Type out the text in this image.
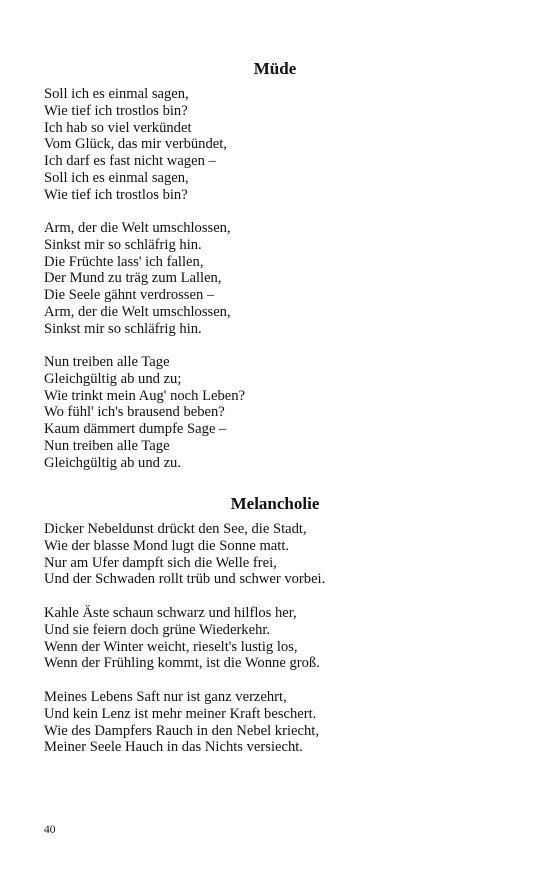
Müde
Soll ich es einmal sagen,
Wie tief ich trostlos bin?
Ich hab so viel verkündet
Vom Glück, das mir verbündet,
Ich darf es fast nicht wagen –
Soll ich es einmal sagen,
Wie tief ich trostlos bin?
Arm, der die Welt umschlossen,
Sinkst mir so schläfrig hin.
Die Früchte lass' ich fallen,
Der Mund zu träg zum Lallen,
Die Seele gähnt verdrossen –
Arm, der die Welt umschlossen,
Sinkst mir so schläfrig hin.
Nun treiben alle Tage
Gleichgültig ab und zu;
Wie trinkt mein Aug' noch Leben?
Wo fühl' ich's brausend beben?
Kaum dämmert dumpfe Sage –
Nun treiben alle Tage
Gleichgültig ab und zu.
Melancholie
Dicker Nebeldunst drückt den See, die Stadt,
Wie der blasse Mond lugt die Sonne matt.
Nur am Ufer dampft sich die Welle frei,
Und der Schwaden rollt trüb und schwer vorbei.
Kahle Äste schaun schwarz und hilflos her,
Und sie feiern doch grüne Wiederkehr.
Wenn der Winter weicht, rieselt's lustig los,
Wenn der Frühling kommt, ist die Wonne groß.
Meines Lebens Saft nur ist ganz verzehrt,
Und kein Lenz ist mehr meiner Kraft beschert.
Wie des Dampfers Rauch in den Nebel kriecht,
Meiner Seele Hauch in das Nichts versiecht.

40
